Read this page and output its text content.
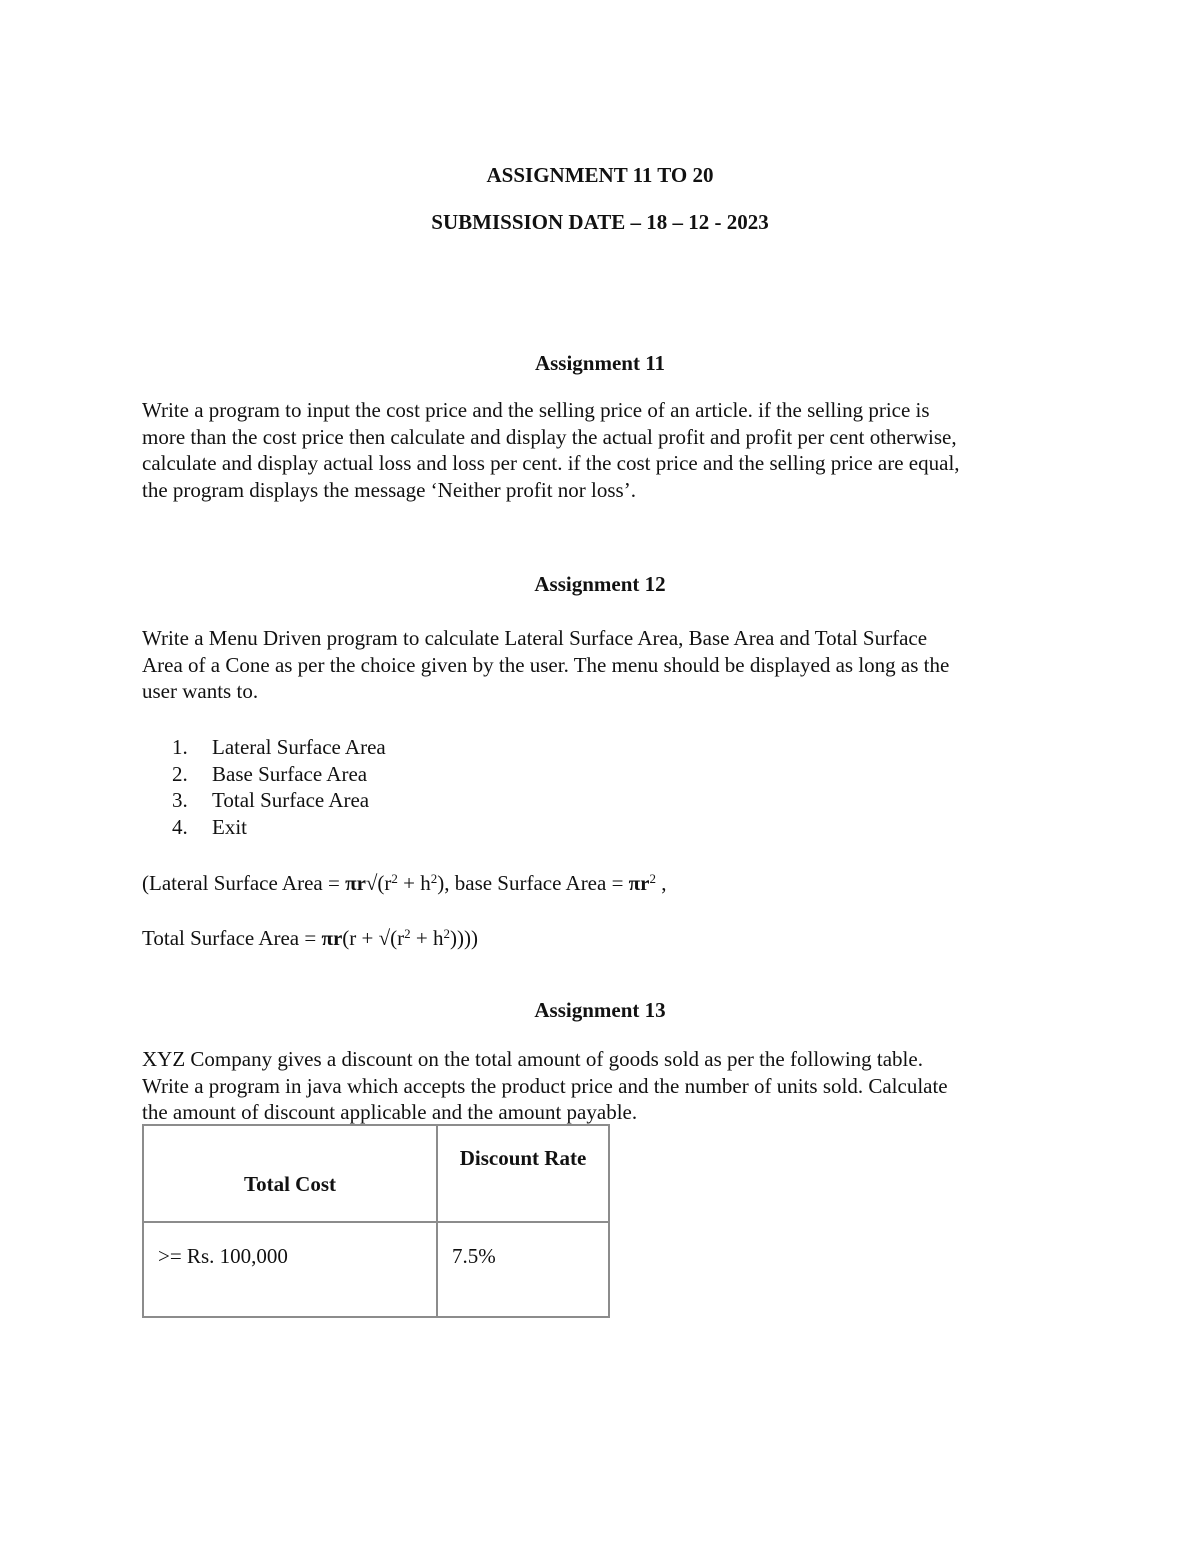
ASSIGNMENT 11 TO 20
SUBMISSION DATE – 18 – 12 - 2023
Assignment 11

Write a program to input the cost price and the selling price of an article. if the selling price is

more than the cost price then calculate and display the actual profit and profit per cent otherwise,

calculate and display actual loss and loss per cent. if the cost price and the selling price are equal,

the program displays the message ‘Neither profit nor loss’.

Assignment 12

Write a Menu Driven program to calculate Lateral Surface Area, Base Area and Total Surface

Area of a Cone as per the choice given by the user. The menu should be displayed as long as the

user wants to.

1. Lateral Surface Area
2. Base Surface Area
3. Total Surface Area
4. Exit
(Lateral Surface Area = $\pi r√(r^2 + h^2)$, base Surface Area = $\pi r^2$ ,
Total Surface Area = $\pi r(r + √(r^2 + h^2))$))
Assignment 13

XYZ Company gives a discount on the total amount of goods sold as per the following table.

Write a program in java which accepts the product price and the number of units sold. Calculate

the amount of discount applicable and the amount payable.

Total Cost	Discount Rate

>= Rs. 100,000	7.5%
